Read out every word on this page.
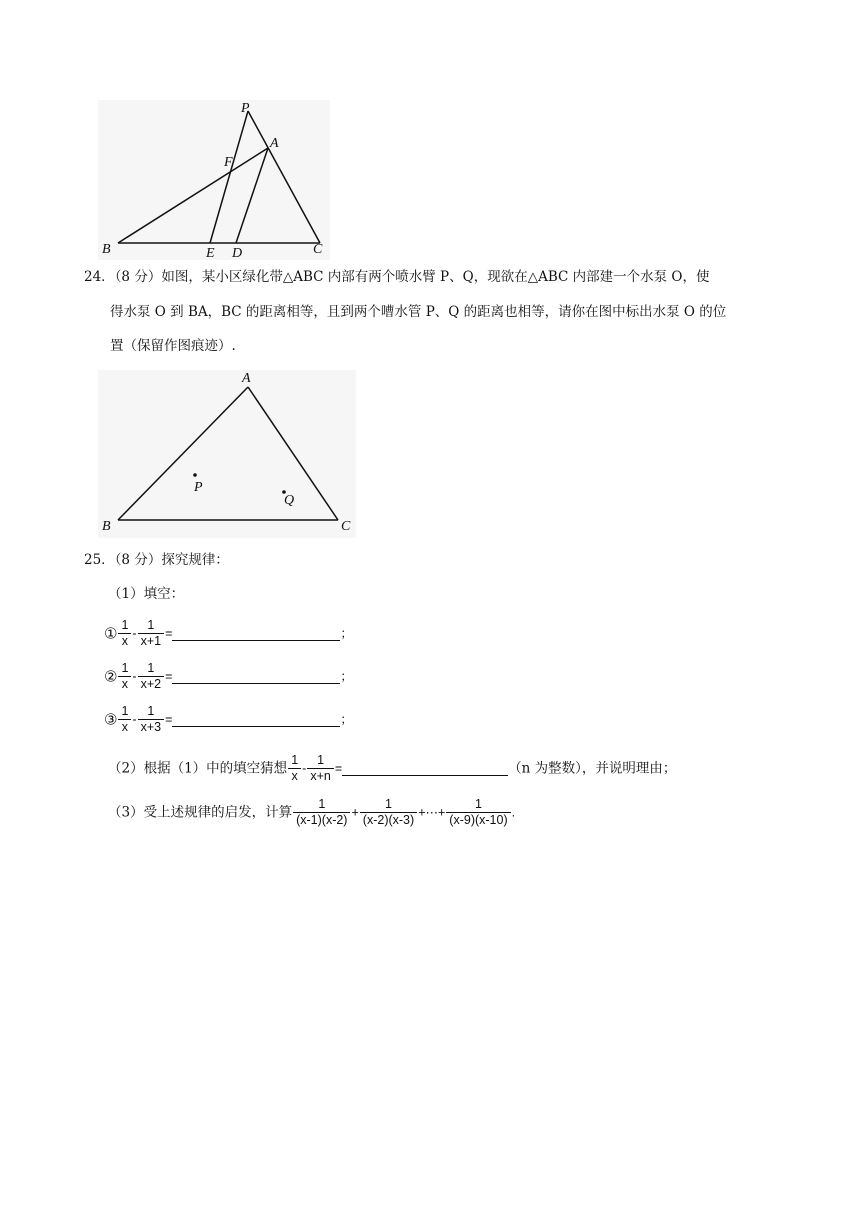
P
F
A
B	E D	C
24．（8 分）如图，某小区绿化带△ABC 内部有两个喷水臂 P、Q，现欲在△ABC 内部建一个水泵 O，使
得水泵 O 到 BA，BC 的距离相等，且到两个嘈水管 P、Q 的距离也相等，请你在图中标出水泵 O 的位
置（保留作图痕迹）.
A
B	C
P
Q
25．（8 分）探究规律：
（1）填空：
① $\frac{1}{x} - \frac{1}{x+1}$ =	；
② $\frac{1}{x} - \frac{1}{x+2}$ =	；
③ $\frac{1}{x} - \frac{1}{x+3}$ =	；
（2）根据（1）中的填空猜想 $\frac{1}{x} - \frac{1}{x+n}$ =	（n 为整数），并说明理由；
（3）受上述规律的启发，计算 $\frac{1}{(x-1)(x-2)} + \frac{1}{(x-2)(x-3)}$ +⋯+ $\frac{1}{(x-9)(x-10)}$ .
